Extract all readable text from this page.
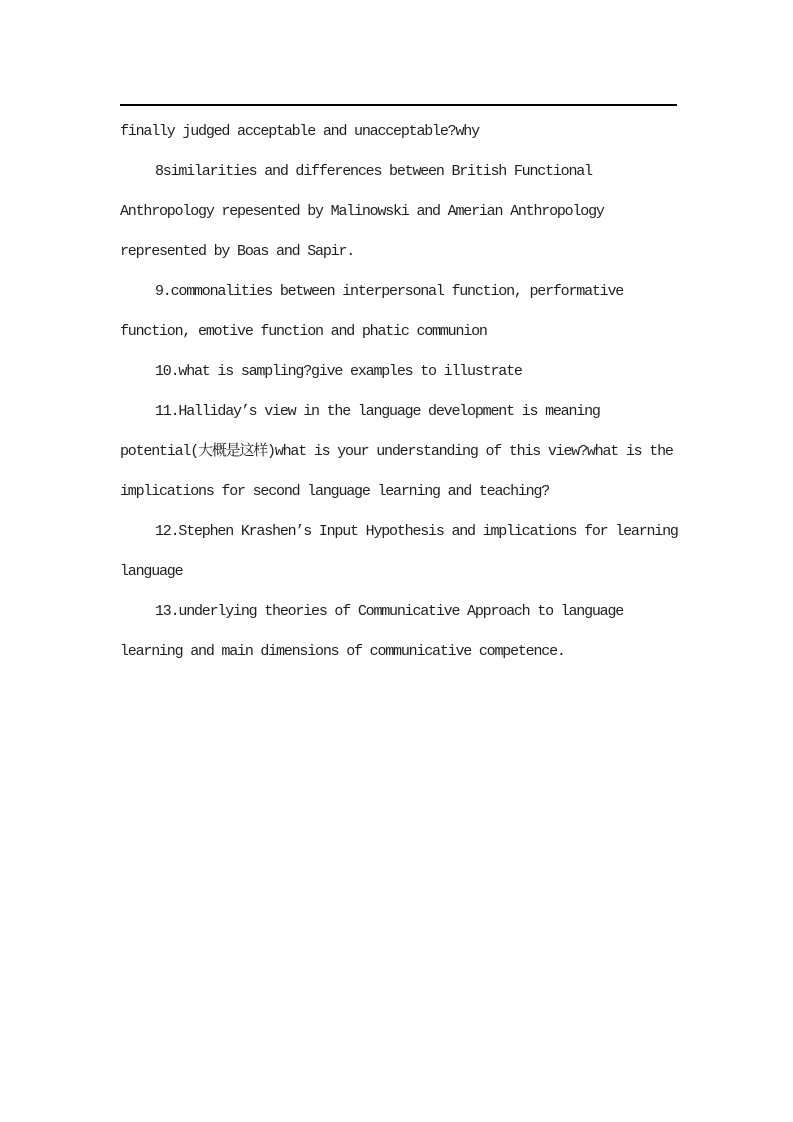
finally judged acceptable and unacceptable?why
8similarities and differences between British Functional
Anthropology repesented by Malinowski and Amerian Anthropology
represented by Boas and Sapir.
9.commonalities between interpersonal function, performative
function, emotive function and phatic communion
10.what is sampling?give examples to illustrate
11.Halliday’s view in the language development is meaning
potential(大概是这样)what is your understanding of this view?what is the
implications for second language learning and teaching?
12.Stephen Krashen’s Input Hypothesis and implications for learning
language
13.underlying theories of Communicative Approach to language
learning and main dimensions of communicative competence.
